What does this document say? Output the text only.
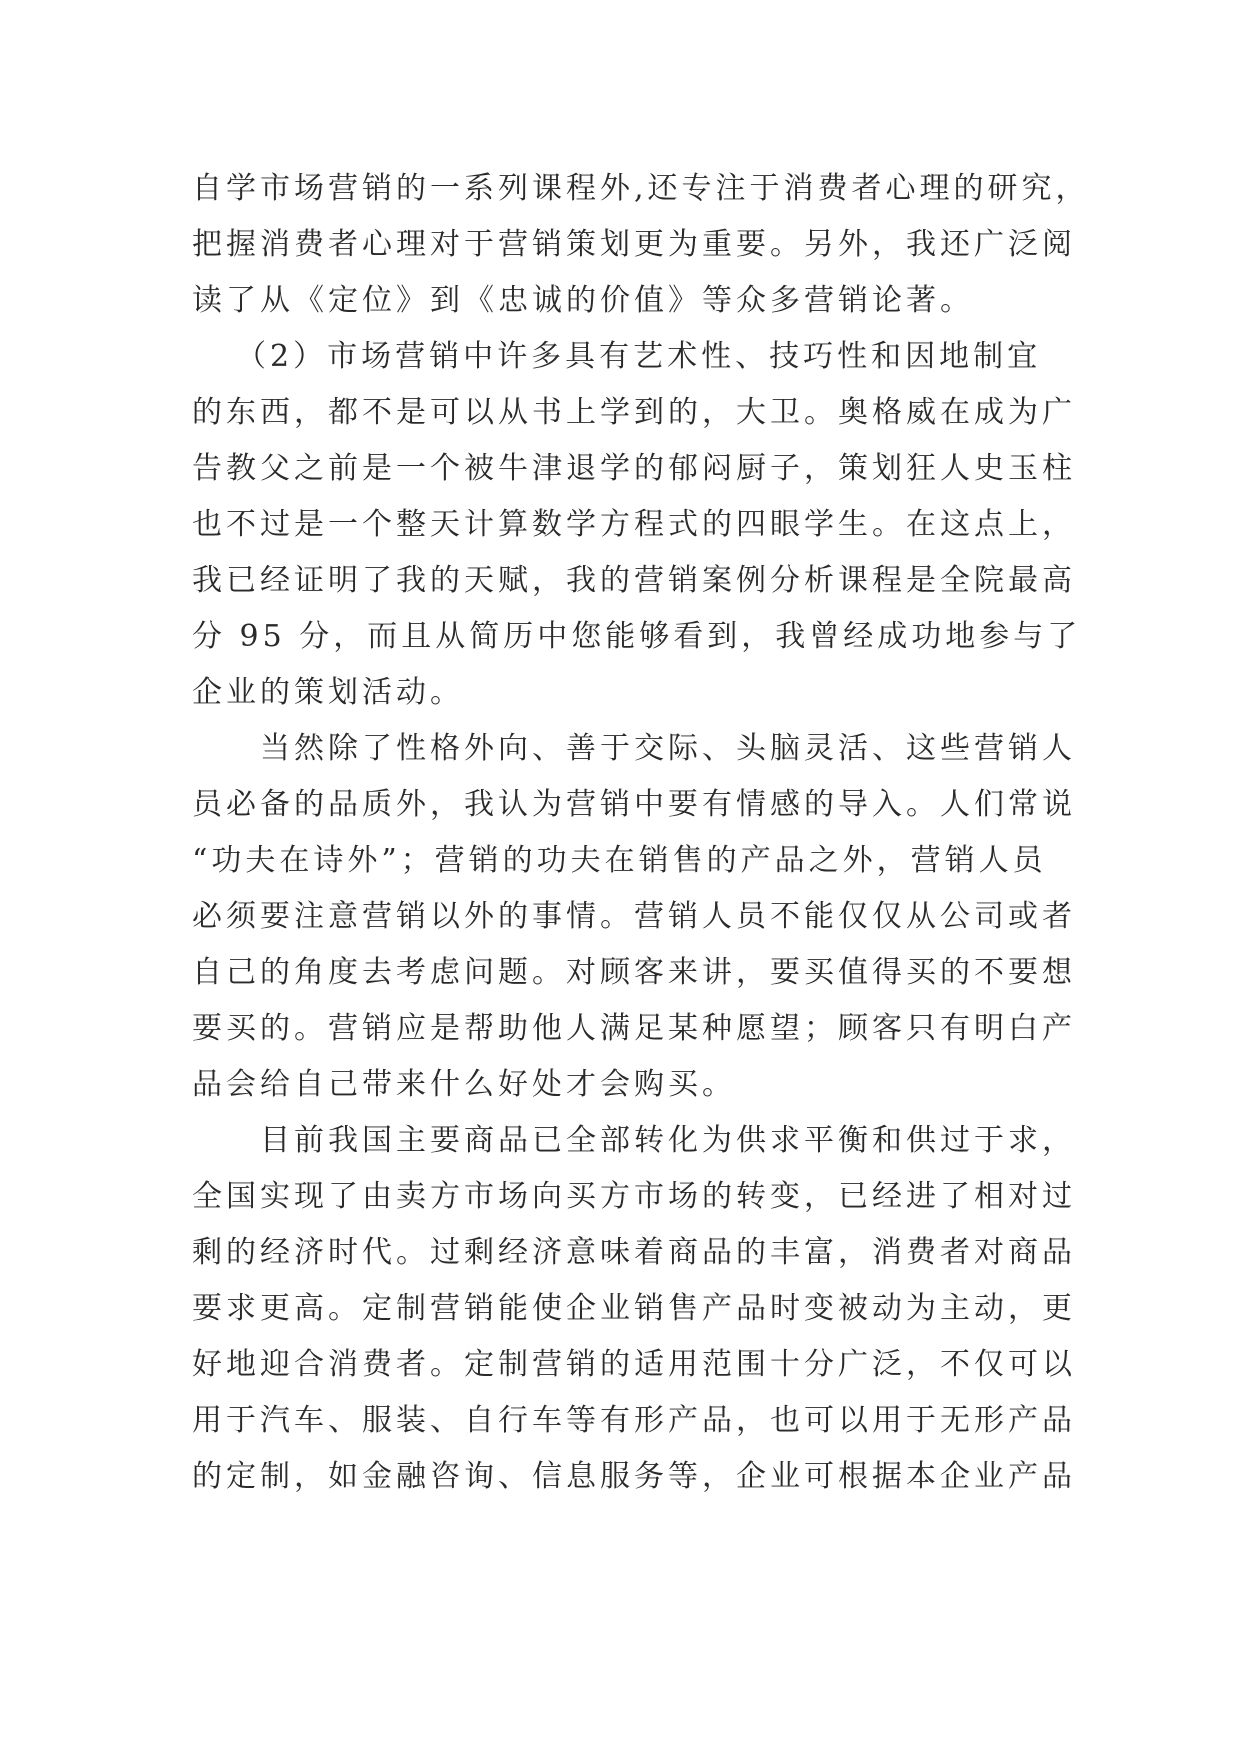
自学市场营销的一系列课程外,还专注于消费者心理的研究，
把握消费者心理对于营销策划更为重要。另外，我还广泛阅
读了从《定位》到《忠诚的价值》等众多营销论著。
（2）市场营销中许多具有艺术性、技巧性和因地制宜
的东西，都不是可以从书上学到的，大卫。奥格威在成为广
告教父之前是一个被牛津退学的郁闷厨子，策划狂人史玉柱
也不过是一个整天计算数学方程式的四眼学生。在这点上，
我已经证明了我的天赋，我的营销案例分析课程是全院最高
分 95 分，而且从简历中您能够看到，我曾经成功地参与了
企业的策划活动。
当然除了性格外向、善于交际、头脑灵活、这些营销人
员必备的品质外，我认为营销中要有情感的导入。人们常说
“功夫在诗外”；营销的功夫在销售的产品之外，营销人员
必须要注意营销以外的事情。营销人员不能仅仅从公司或者
自己的角度去考虑问题。对顾客来讲，要买值得买的不要想
要买的。营销应是帮助他人满足某种愿望；顾客只有明白产
品会给自己带来什么好处才会购买。
目前我国主要商品已全部转化为供求平衡和供过于求，
全国实现了由卖方市场向买方市场的转变，已经进了相对过
剩的经济时代。过剩经济意味着商品的丰富，消费者对商品
要求更高。定制营销能使企业销售产品时变被动为主动，更
好地迎合消费者。定制营销的适用范围十分广泛，不仅可以
用于汽车、服装、自行车等有形产品，也可以用于无形产品
的定制，如金融咨询、信息服务等，企业可根据本企业产品
